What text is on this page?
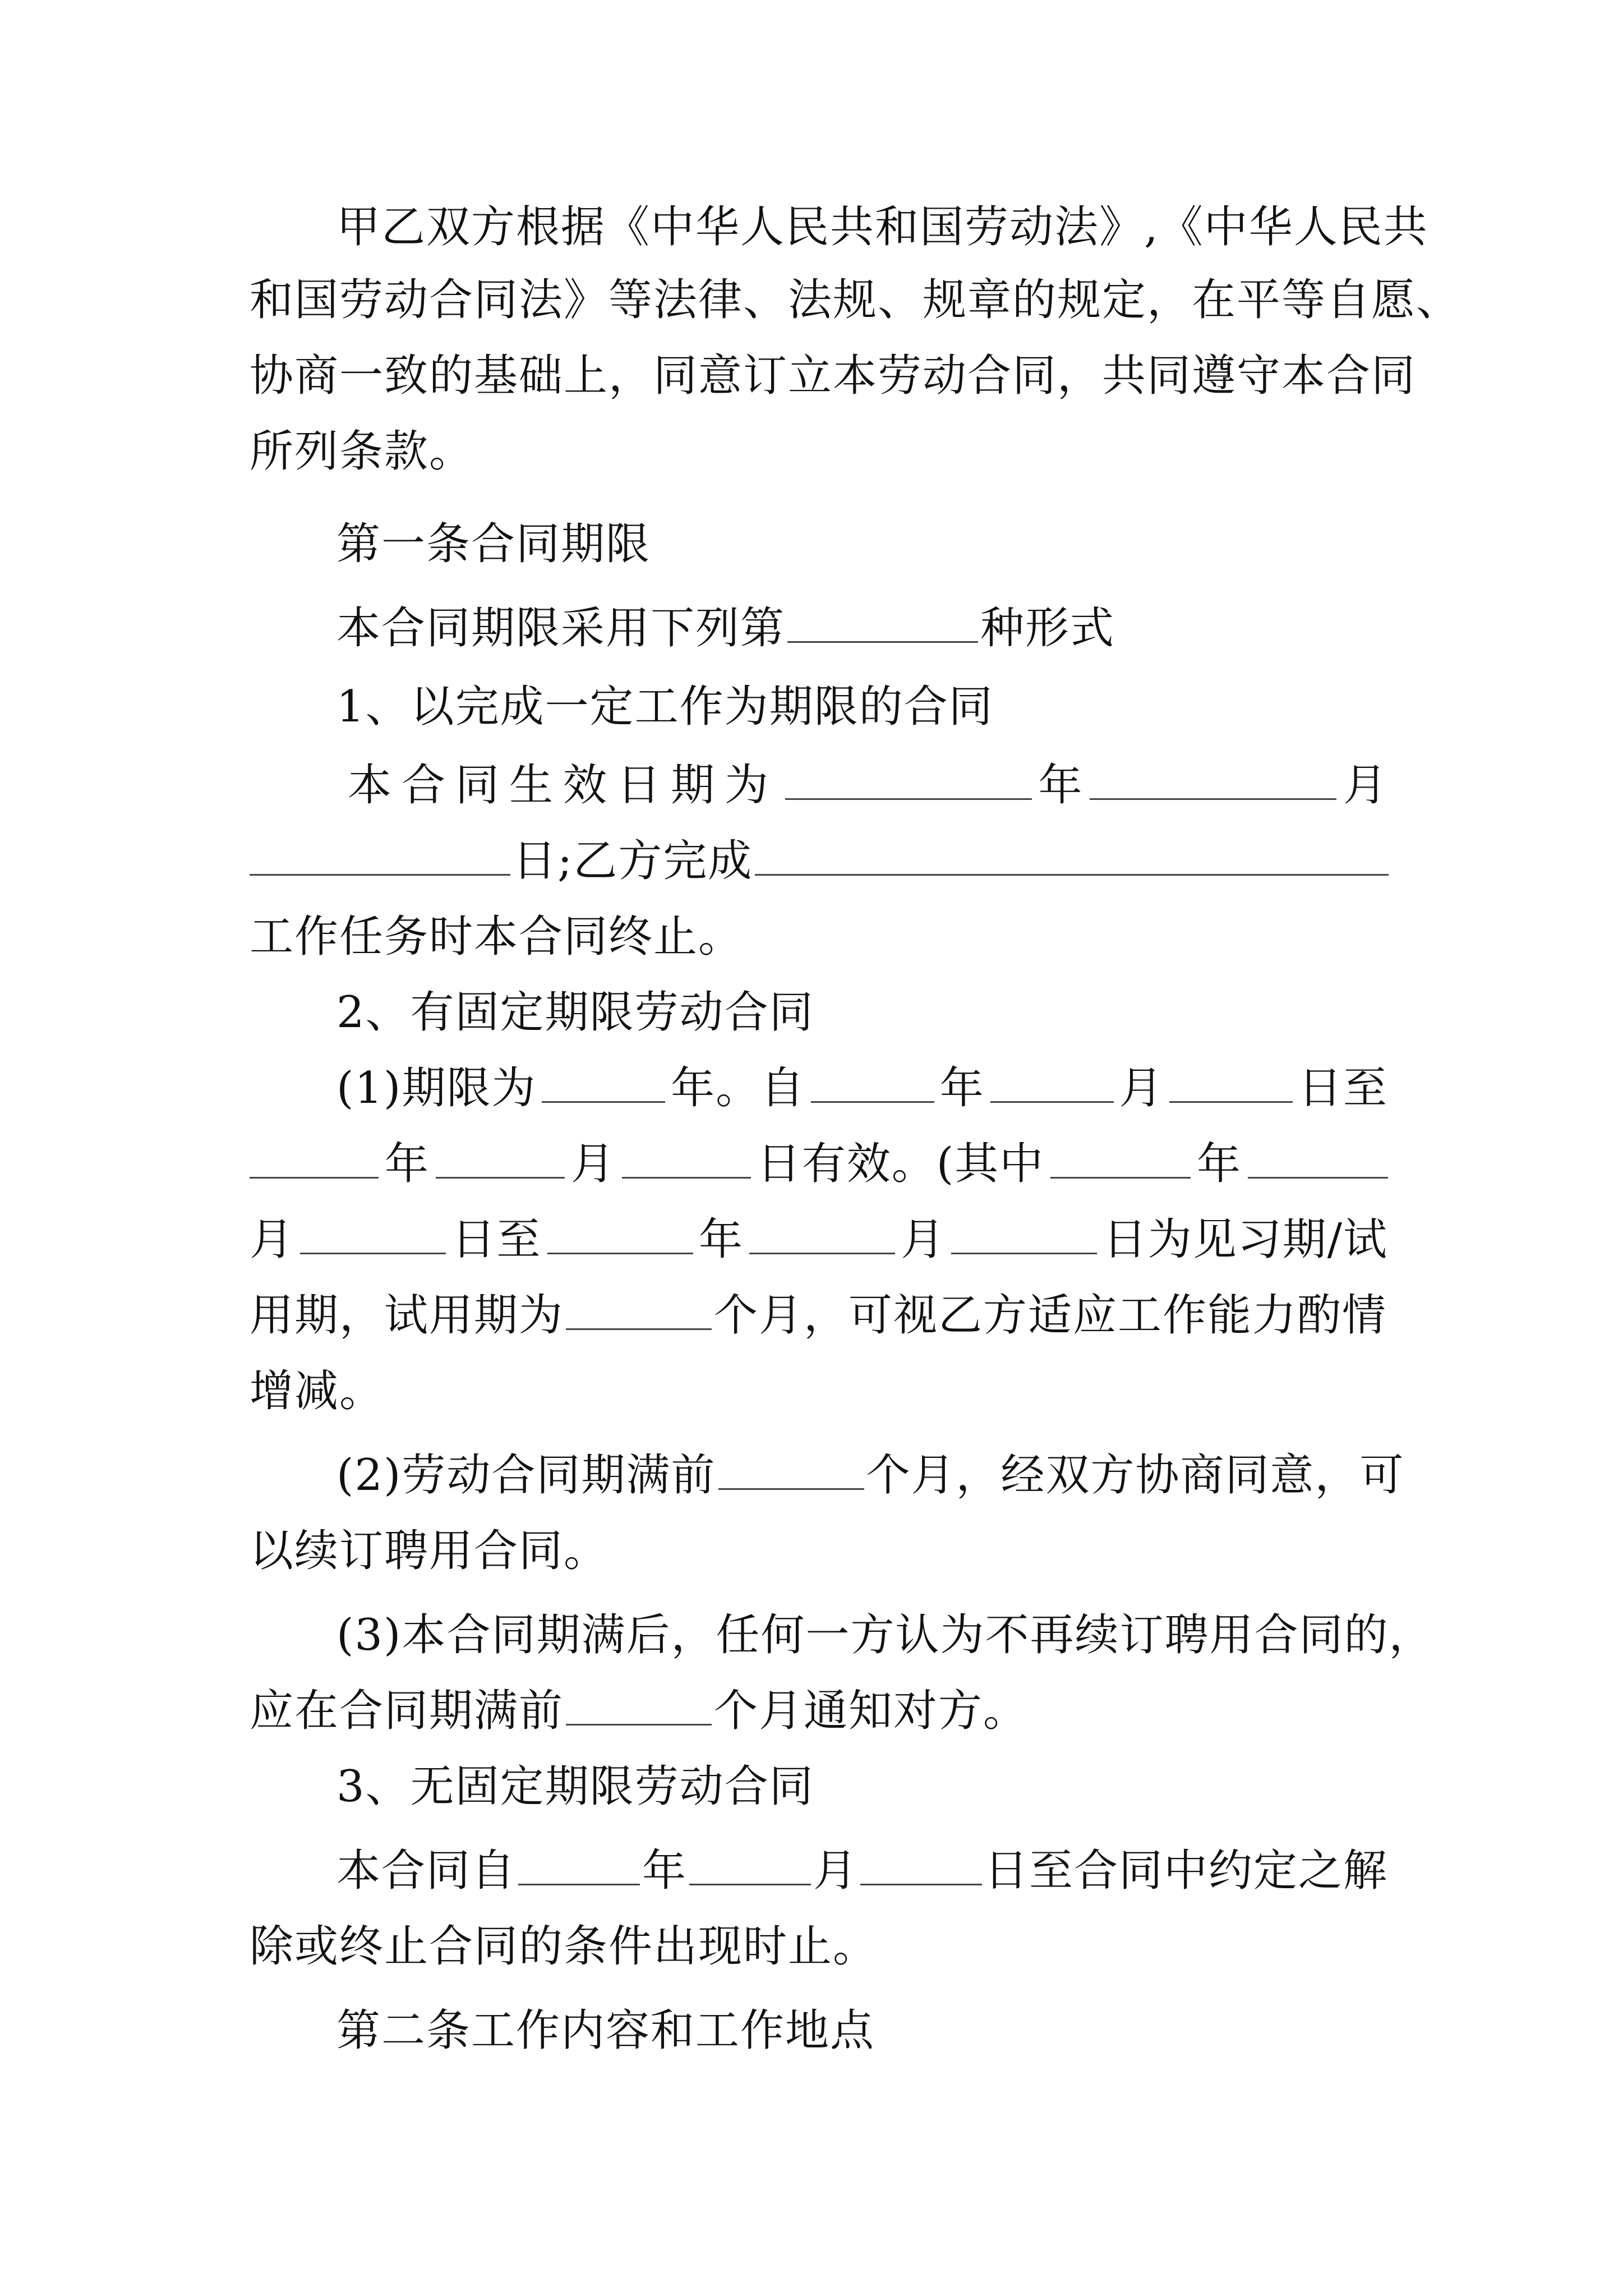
甲乙双方根据《中华人民共和国劳动法》,《中华人民共
和国劳动合同法》等法律、法规、规章的规定，在平等自愿、
协商一致的基础上，同意订立本劳动合同，共同遵守本合同
所列条款。
第一条合同期限
本合同期限采用下列第	种形式
1、以完成一定工作为期限的合同
本合同生效日期为	年	月
日;乙方完成
工作任务时本合同终止。
2、有固定期限劳动合同
(1)期限为	年。自	年	月	日至
年	月	日有效。(其中	年
月	日至	年	月	日为见习期/试
用期，试用期为	个月，可视乙方适应工作能力酌情
增减。
(2)劳动合同期满前	个月，经双方协商同意，可
以续订聘用合同。
(3)本合同期满后，任何一方认为不再续订聘用合同的，
应在合同期满前	个月通知对方。
3、无固定期限劳动合同
本合同自	年	月	日至合同中约定之解
除或终止合同的条件出现时止。
第二条工作内容和工作地点
